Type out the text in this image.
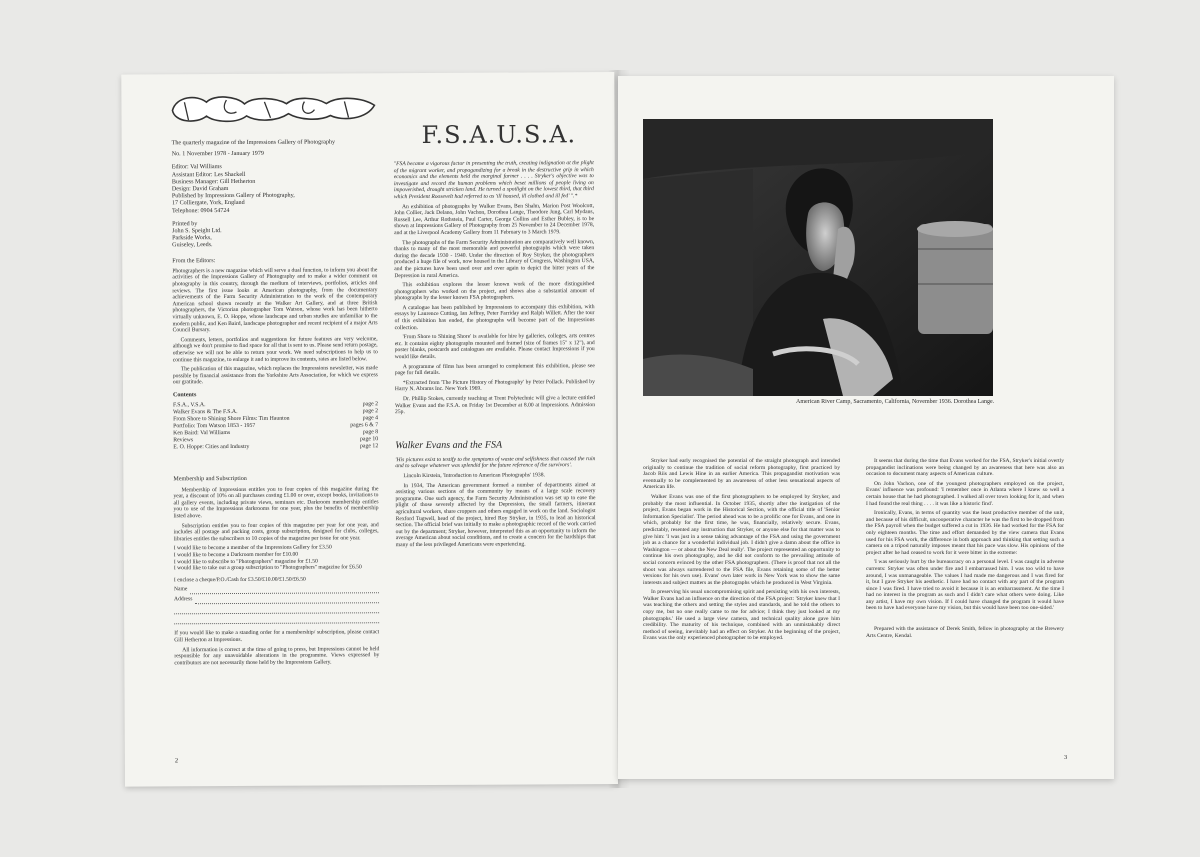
The quarterly magazine of the Impressions Gallery of Photography

No. 1 November 1978 - January 1979

Editor: Val Williams
Assistant Editor: Les Shackell
Business Manager: Gill Hetherton
Design: David Graham
Published by Impressions Gallery of Photography,
17 Colliergate, York, England
Telephone: 0904 54724
Printed by
John S. Speight Ltd.
Parkside Works,
Guiseley, Leeds.

From the Editors:

Photographers is a new magazine which will serve a dual function, to inform you about the activities of the Impressions Gallery of Photography and to make a wider comment on photography in this country, through the medium of interviews, portfolios, articles and reviews. The first issue looks at American photography, from the documentary achievements of the Farm Security Administration to the work of the contemporary American school shown recently at the Walker Art Gallery, and at three British photographers, the Victorian photographer Tom Watson, whose work has been hitherto virtually unknown, E. O. Hoppe, whose landscape and urban studies are unfamiliar to the modern public, and Ken Baird, landscape photographer and recent recipient of a major Arts Council Bursary.

Comments, letters, portfolios and suggestions for future features are very welcome, although we don't promise to find space for all that is sent to us. Please send return postage, otherwise we will not be able to return your work. We need subscriptions to help us to continue this magazine, to enlarge it and to improve its contents, rates are listed below.

The publication of this magazine, which replaces the Impressions newsletter, was made possible by financial assistance from the Yorkshire Arts Association, for which we express our gratitude.

Contents

F.S.A., V.S.A.	page 2
Walker Evans & The F.S.A.	page 2
From Shore to Shining Shore Films: Tim Haunton	page 4
Portfolio: Tom Watson 1853 - 1957	pages 6 & 7
Ken Baird: Val Williams	page 8
Reviews	page 10
E. O. Hoppe: Cities and Industry	page 12

Membership and Subscription

Membership of Impressions entitles you to four copies of this magazine during the year, a discount of 10% on all purchases costing £1.00 or over, except books, invitations to all gallery events, including private views, seminars etc. Darkroom membership entitles you to use of the Impressions darkrooms for one year, plus the benefits of membership listed above.

Subscription entitles you to four copies of this magazine per year for one year, and includes all postage and packing costs, group subscription, designed for clubs, colleges, libraries entitles the subscribers to 10 copies of the magazine per issue for one year.

I would like to become a member of the Impressions Gallery for £3.50
I would like to become a Darkroom member for £10.00
I would like to subscribe to "Photographers" magazine for £1.50
I would like to take out a group subscription to "Photographers" magazine for £6.50

I enclose a cheque/P.O./Cash for £3.50/£10.00/£1.50/£6.50

Name
Address

If you would like to make a standing order for a membership/ subscription, please contact Gill Hetherton at Impressions.

All information is correct at the time of going to press, but Impressions cannot be held responsible for any unavoidable alterations in the programme. Views expressed by contributors are not necessarily those held by the Impressions Gallery.

F.S.A.U.S.A.

"FSA became a vigorous factor in presenting the truth, creating indignation at the plight of the migrant worker, and propagandizing for a break in the destructive grip in which economics and the elements held the marginal farmer . . . . Stryker's objective was to investigate and record the human problems which beset millions of people living on impoverished, drought stricken land. He turned a spotlight on the lowest third, that third which President Roosevelt had referred to as 'ill housed, ill clothed and ill fed' ".*

An exhibition of photographs by Walker Evans, Ben Shahn, Marion Post Woolcott, John Collier, Jack Delano, John Vachon, Dorothea Lange, Theodore Jung, Carl Mydans, Russell Lee, Arthur Rothstein, Paul Carter, George Collins and Esther Bubley, is to be shown at Impressions Gallery of Photography from 25 November to 24 December 1978, and at the Liverpool Academy Gallery from 11 February to 3 March 1979.

The photographs of the Farm Security Administration are comparatively well known, thanks to many of the most memorable and powerful photographs which were taken during the decade 1930 - 1940. Under the direction of Roy Stryker, the photographers produced a huge file of work, now housed in the Library of Congress, Washington USA, and the pictures have been used over and over again to depict the bitter years of the Depression in rural America.

This exhibition explores the lesser known work of the more distinguished photographers who worked on the project, and shows also a substantial amount of photographs by the lesser known FSA photographers.

A catalogue has been published by Impressions to accompany this exhibition, with essays by Laurence Cutting, Ian Jeffrey, Peter Farriday and Ralph Willett. After the tour of this exhibition has ended, the photographs will become part of the Impressions collection.

'From Shore to Shining Shore' is available for hire by galleries, colleges, arts centres etc. It contains eighty photographs mounted and framed (size of frames 15" x 12"), and poster blanks, postcards and catalogues are available. Please contact Impressions if you would like details.

A programme of films has been arranged to complement this exhibition, please see page for full details.

*Extracted from 'The Picture History of Photography' by Peter Pollack. Published by Harry N. Abrams Inc. New York 1969.

Dr. Phillip Stokes, currently teaching at Trent Polytechnic will give a lecture entitled Walker Evans and the F.S.A. on Friday 1st December at 8.00 at Impressions. Admission 25p.

Walker Evans and the FSA

'His pictures exist to testify to the symptoms of waste and selfishness that caused the ruin and to salvage whatever was splendid for the future reference of the survivors'.

Lincoln Kirstein, 'Introduction to American Photographs' 1938.

In 1934, The American government formed a number of departments aimed at assisting various sections of the community by means of a large scale recovery programme. One such agency, the Farm Security Administration was set up to ease the plight of those severely affected by the Depression, the small farmers, itinerant agricultural workers, share croppers and others engaged in work on the land. Sociologist Rexford Tugwell, head of the project, hired Roy Stryker, in 1935, to lead an historical section. The official brief was initially to make a photographic record of the work carried out by the department; Stryker, however, interpreted this as an opportunity to inform the average American about social conditions, and to create a concern for the hardships that many of the less privileged Americans were experiencing.

2
American River Camp, Sacramento, California, November 1936. Dorothea Lange.

Stryker had early recognised the potential of the straight photograph and intended originally to continue the tradition of social reform photography, first practiced by Jacob Riis and Lewis Hine in an earlier America. This propagandist motivation was eventually to be complemented by an awareness of other less sensational aspects of American life.

Walker Evans was one of the first photographers to be employed by Stryker, and probably the most influential. In October 1935, shortly after the instigation of the project, Evans began work in the Historical Section, with the official title of 'Senior Information Specialist'. The period ahead was to be a prolific one for Evans, and one in which, probably for the first time, he was, financially, relatively secure. Evans, predictably, resented any instruction that Stryker, or anyone else for that matter was to give him: 'I was just in a sense taking advantage of the FSA and using the government job as a chance for a wonderful individual job. I didn't give a damn about the office in Washington — or about the New Deal really'. The project represented an opportunity to continue his own photography, and he did not conform to the prevailing attitude of social concern evinced by the other FSA photographers. (There is proof that not all the shoot was always surrendered to the FSA file, Evans retaining some of the better versions for his own use). Evans' own later work in New York was to show the same interests and subject matters as the photographs which he produced in West Virginia.

In preserving his usual uncompromising spirit and persisting with his own interests, Walker Evans had an influence on the direction of the FSA project: 'Stryker knew that I was teaching the others and setting the styles and standards, and he told the others to copy me, but no one really came to me for advice; I think they just looked at my photographs.' He used a large view camera, and technical quality alone gave him credibility. The maturity of his technique, combined with an unmistakably direct method of seeing, inevitably had an effect on Stryker. At the beginning of the project, Evans was the only experienced photographer to be employed.

It seems that during the time that Evans worked for the FSA, Stryker's initial overtly propagandist inclinations were being changed by an awareness that here was also an occasion to document many aspects of American culture.

On John Vachon, one of the youngest photographers employed on the project, Evans' influence was profound: 'I remember once in Atlanta where I knew so well a certain house that he had photographed. I walked all over town looking for it, and when I had found the real thing . . . . it was like a historic find'.

Ironically, Evans, in terms of quantity was the least productive member of the unit, and because of his difficult, uncooperative character he was the first to be dropped from the FSA payroll when the budget suffered a cut in 1936. He had worked for the FSA for only eighteen months. The time and effort demanded by the view camera that Evans used for his FSA work, the difference in both approach and thinking that setting such a camera on a tripod naturally imposes meant that his pace was slow. His opinions of the project after he had ceased to work for it were bitter in the extreme:

'I was seriously hurt by the bureaucracy on a personal level. I was caught in adverse currents: Stryker was often under fire and I embarrassed him. I was too wild to have around, I was unmanageable. The values I had made me dangerous and I was fired for it, but I gave Stryker his aesthetic. I have had no contact with any part of the program since I was fired. I have tried to avoid it because it is an embarrassment. At the time I had no interest in the program as such and I didn't care what others were doing. Like any artist, I have my own vision. If I could have changed the program it would have been to have had everyone have my vision, but this would have been too one-sided.'

Prepared with the assistance of Derek Smith, fellow in photography at the Brewery Arts Centre, Kendal.

3
